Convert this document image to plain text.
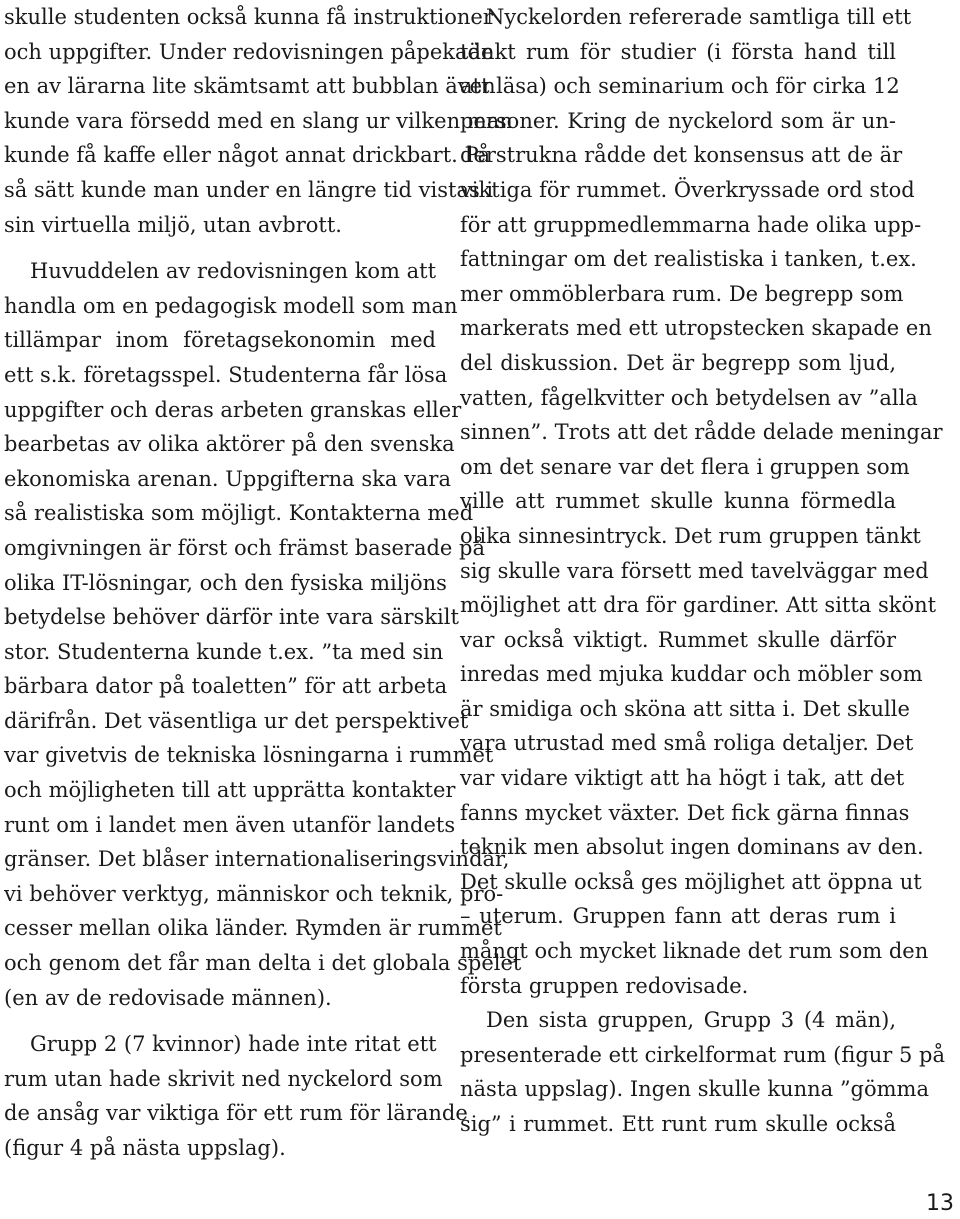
skulle studenten också kunna få instruktioner
och uppgifter. Under redovisningen påpekade
en av lärarna lite skämtsamt att bubblan även
kunde vara försedd med en slang ur vilken man
kunde få kaffe eller något annat drickbart. På
så sätt kunde man under en längre tid vistas i
sin virtuella miljö, utan avbrott.
Huvuddelen av redovisningen kom att
handla om en pedagogisk modell som man
tillämpar inom företagsekonomin med
ett s.k. företagsspel. Studenterna får lösa
uppgifter och deras arbeten granskas eller
bearbetas av olika aktörer på den svenska
ekonomiska arenan. Uppgifterna ska vara
så realistiska som möjligt. Kontakterna med
omgivningen är först och främst baserade på
olika IT-lösningar, och den fysiska miljöns
betydelse behöver därför inte vara särskilt
stor. Studenterna kunde t.ex. ”ta med sin
bärbara dator på toaletten” för att arbeta
därifrån. Det väsentliga ur det perspektivet
var givetvis de tekniska lösningarna i rummet
och möjligheten till att upprätta kontakter
runt om i landet men även utanför landets
gränser. Det blåser internationaliseringsvindar,
vi behöver verktyg, människor och teknik, pro-
cesser mellan olika länder. Rymden är rummet
och genom det får man delta i det globala spelet
(en av de redovisade männen).
Grupp 2 (7 kvinnor) hade inte ritat ett
rum utan hade skrivit ned nyckelord som
de ansåg var viktiga för ett rum för lärande
(figur 4 på nästa uppslag).
Nyckelorden refererade samtliga till ett
tänkt rum för studier (i första hand till
att läsa) och seminarium och för cirka 12
personer. Kring de nyckelord som är un-
derstrukna rådde det konsensus att de är
viktiga för rummet. Överkryssade ord stod
för att gruppmedlemmarna hade olika upp-
fattningar om det realistiska i tanken, t.ex.
mer ommöblerbara rum. De begrepp som
markerats med ett utropstecken skapade en
del diskussion. Det är begrepp som ljud,
vatten, fågelkvitter och betydelsen av ”alla
sinnen”. Trots att det rådde delade meningar
om det senare var det flera i gruppen som
ville att rummet skulle kunna förmedla
olika sinnesintryck. Det rum gruppen tänkt
sig skulle vara försett med tavelväggar med
möjlighet att dra för gardiner. Att sitta skönt
var också viktigt. Rummet skulle därför
inredas med mjuka kuddar och möbler som
är smidiga och sköna att sitta i. Det skulle
vara utrustad med små roliga detaljer. Det
var vidare viktigt att ha högt i tak, att det
fanns mycket växter. Det fick gärna finnas
teknik men absolut ingen dominans av den.
Det skulle också ges möjlighet att öppna ut
– uterum. Gruppen fann att deras rum i
mångt och mycket liknade det rum som den
första gruppen redovisade.
Den sista gruppen, Grupp 3 (4 män),
presenterade ett cirkelformat rum (figur 5 på
nästa uppslag). Ingen skulle kunna ”gömma
sig” i rummet. Ett runt rum skulle också
13
